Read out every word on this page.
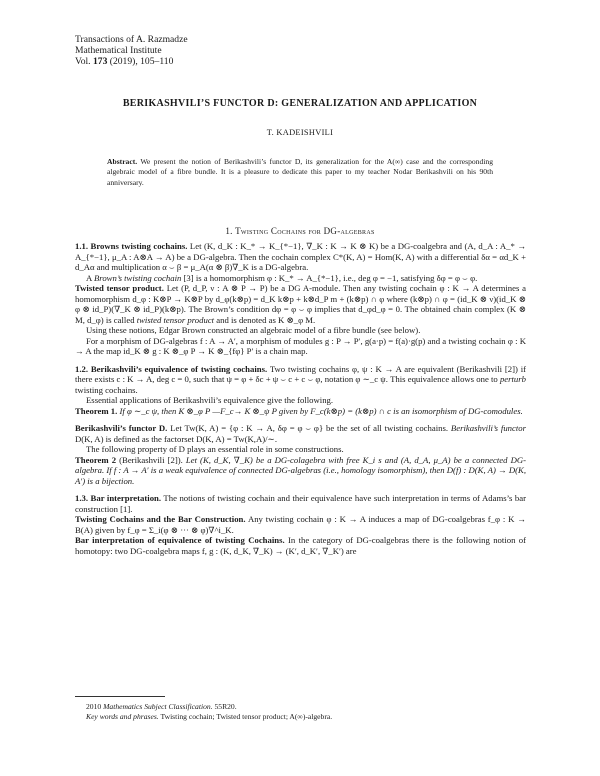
Transactions of A. Razmadze
Mathematical Institute
Vol. 173 (2019), 105–110
BERIKASHVILI’S FUNCTOR D: GENERALIZATION AND APPLICATION
T. KADEISHVILI
Abstract. We present the notion of Berikashvili’s functor D, its generalization for the A(∞) case and the corresponding algebraic model of a fibre bundle. It is a pleasure to dedicate this paper to my teacher Nodar Berikashvili on his 90th anniversary.
1. Twisting Cochains for DG-algebras

1.1. Browns twisting cochains. Let (K, d_K : K_* → K_{*−1}, ∇_K : K → K ⊗ K) be a DG-coalgebra and (A, d_A : A_* → A_{*−1}, μ_A : A⊗A → A) be a DG-algebra. Then the cochain complex C*(K, A) = Hom(K, A) with a differential δα = αd_K + d_Aα and multiplication α ⌣ β = μ_A(α ⊗ β)∇_K is a DG-algebra.

A Brown’s twisting cochain [3] is a homomorphism φ : K_* → A_{*−1}, i.e., deg φ = −1, satisfying δφ = φ ⌣ φ.

Twisted tensor product. Let (P, d_P, ν : A ⊗ P → P) be a DG A-module. Then any twisting cochain φ : K → A determines a homomorphism d_φ : K⊗P → K⊗P by d_φ(k⊗p) = d_K k⊗p + k⊗d_P m + (k⊗p) ∩ φ where (k⊗p) ∩ φ = (id_K ⊗ ν)(id_K ⊗ φ ⊗ id_P)(∇_K ⊗ id_P)(k⊗p). The Brown’s condition dφ = φ ⌣ φ implies that d_φd_φ = 0. The obtained chain complex (K ⊗ M, d_φ) is called twisted tensor product and is denoted as K ⊗_φ M.

Using these notions, Edgar Brown constructed an algebraic model of a fibre bundle (see below).

For a morphism of DG-algebras f : A → A′, a morphism of modules g : P → P′, g(a·p) = f(a)·g(p) and a twisting cochain φ : K → A the map id_K ⊗ g : K ⊗_φ P → K ⊗_{fφ} P′ is a chain map.

1.2. Berikashvili’s equivalence of twisting cochains. Two twisting cochains φ, ψ : K → A are equivalent (Berikashvili [2]) if there exists c : K → A, deg c = 0, such that ψ = φ + δc + ψ ⌣ c + c ⌣ φ, notation φ ∼_c ψ. This equivalence allows one to perturb twisting cochains.

Essential applications of Berikashvili’s equivalence give the following.

Theorem 1. If φ ∼_c ψ, then K ⊗_φ P —F_c→ K ⊗_ψ P given by F_c(k⊗p) = (k⊗p) ∩ c is an isomorphism of DG-comodules.

Berikashvili’s functor D. Let Tw(K, A) = {φ : K → A, δφ = φ ⌣ φ} be the set of all twisting cochains. Berikashvili’s functor D(K, A) is defined as the factorset D(K, A) = Tw(K,A)/∼.

The following property of D plays an essential role in some constructions.

Theorem 2 (Berikashvili [2]). Let (K, d_K, ∇_K) be a DG-colagebra with free K_i s and (A, d_A, μ_A) be a connected DG-algebra. If f : A → A′ is a weak equivalence of connected DG-algebras (i.e., homology isomorphism), then D(f) : D(K, A) → D(K, A′) is a bijection.

1.3. Bar interpretation. The notions of twisting cochain and their equivalence have such interpretation in terms of Adams’s bar construction [1].

Twisting Cochains and the Bar Construction. Any twisting cochain φ : K → A induces a map of DG-coalgebras f_φ : K → B(A) given by f_φ = Σ_i(φ ⊗ ··· ⊗ φ)∇^i_K.

Bar interpretation of equivalence of twisting Cochains. In the category of DG-coalgebras there is the following notion of homotopy: two DG-coalgebra maps f, g : (K, d_K, ∇_K) → (K′, d_K′, ∇_K′) are

2010 Mathematics Subject Classification. 55R20.
Key words and phrases. Twisting cochain; Twisted tensor product; A(∞)-algebra.
